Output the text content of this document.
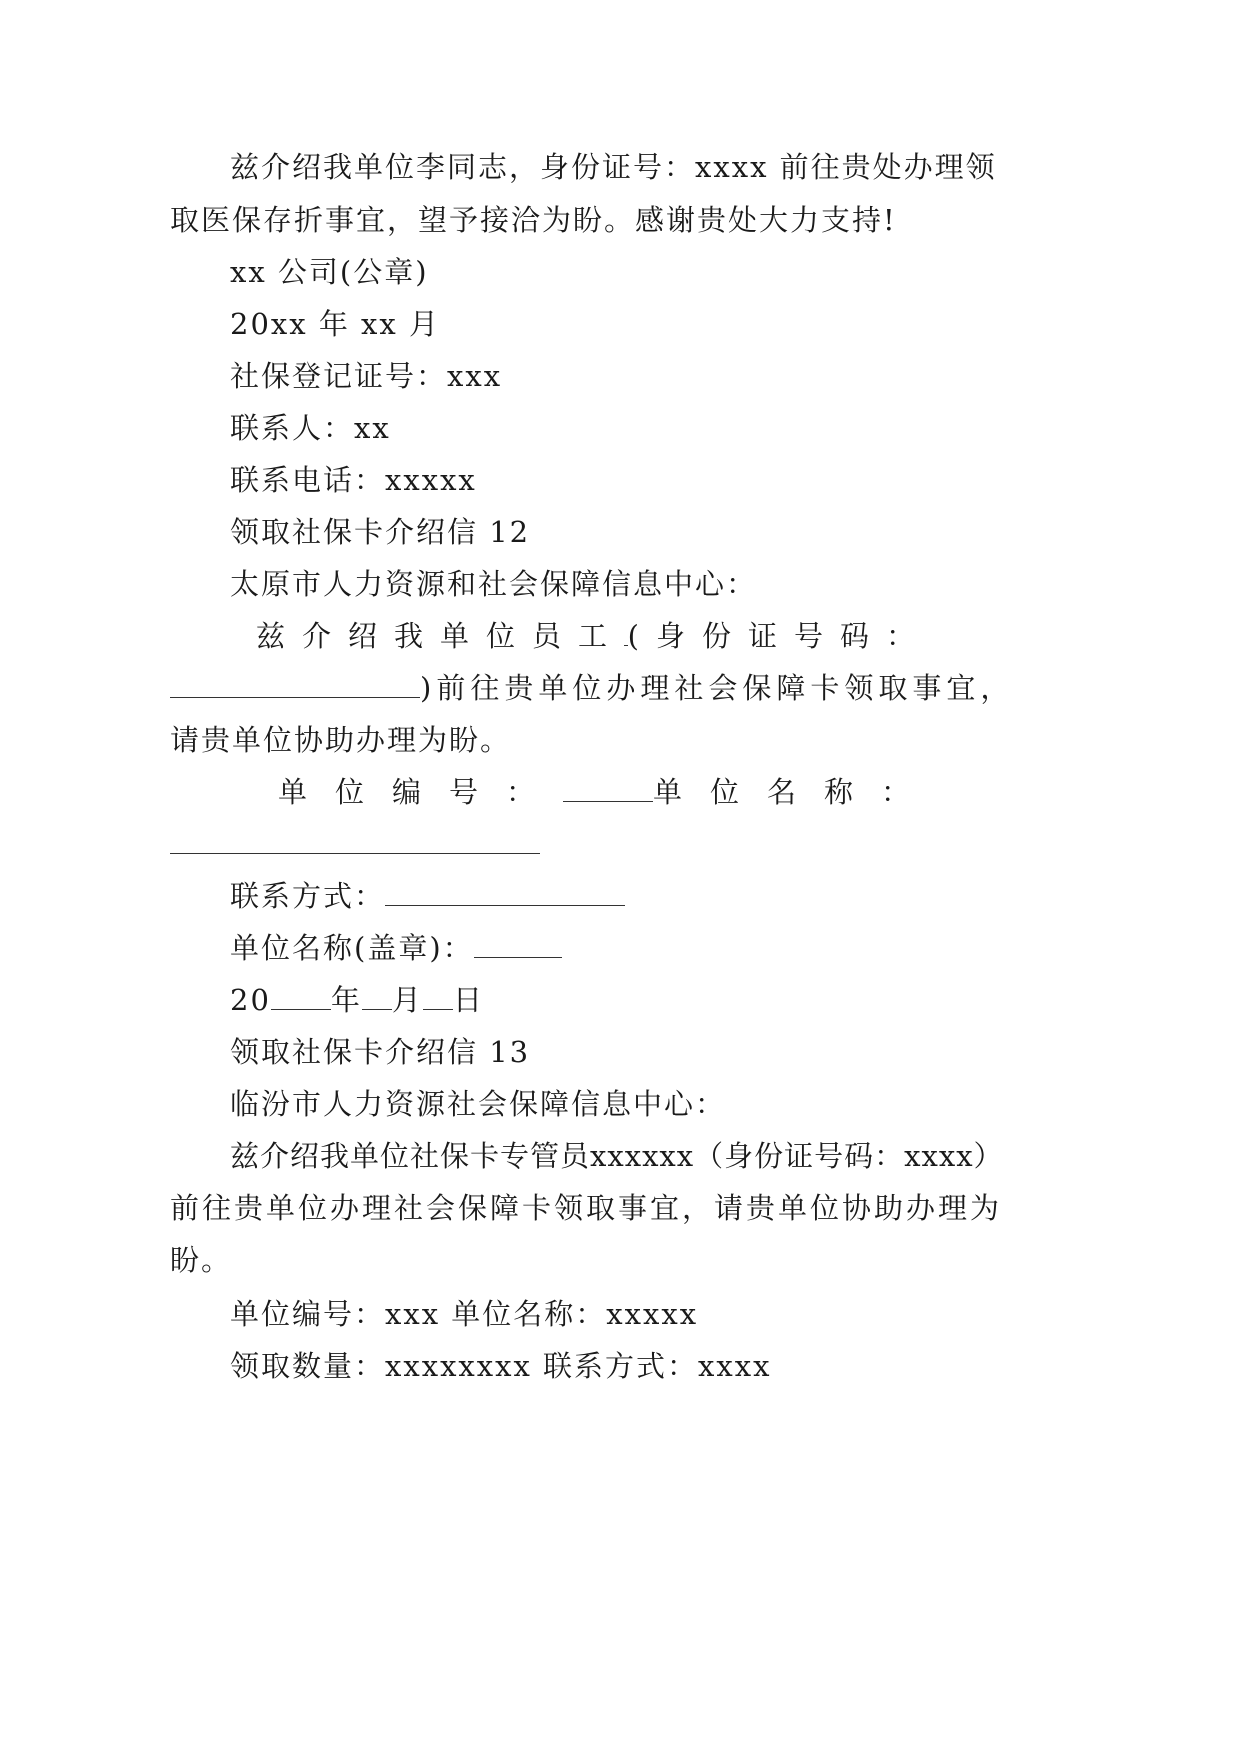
兹介绍我单位李同志，身份证号：xxxx 前往贵处办理领
取医保存折事宜，望予接洽为盼。感谢贵处大力支持!
xx 公司(公章)
20xx 年 xx 月
社保登记证号：xxx
联系人：xx
联系电话：xxxxx
领取社保卡介绍信 12
太原市人力资源和社会保障信息中心：
兹介绍我单位员工 (身份证号码：
)前往贵单位办理社会保障卡领取事宜，
请贵单位协助办理为盼。
单位编号：	单位名称：
联系方式：
单位名称(盖章)：
20 年 月 日
领取社保卡介绍信 13
临汾市人力资源社会保障信息中心：
兹介绍我单位社保卡专管员xxxxxx（身份证号码：xxxx）
前往贵单位办理社会保障卡领取事宜，请贵单位协助办理为
盼。
单位编号：xxx 单位名称：xxxxx
领取数量：xxxxxxxx 联系方式：xxxx
